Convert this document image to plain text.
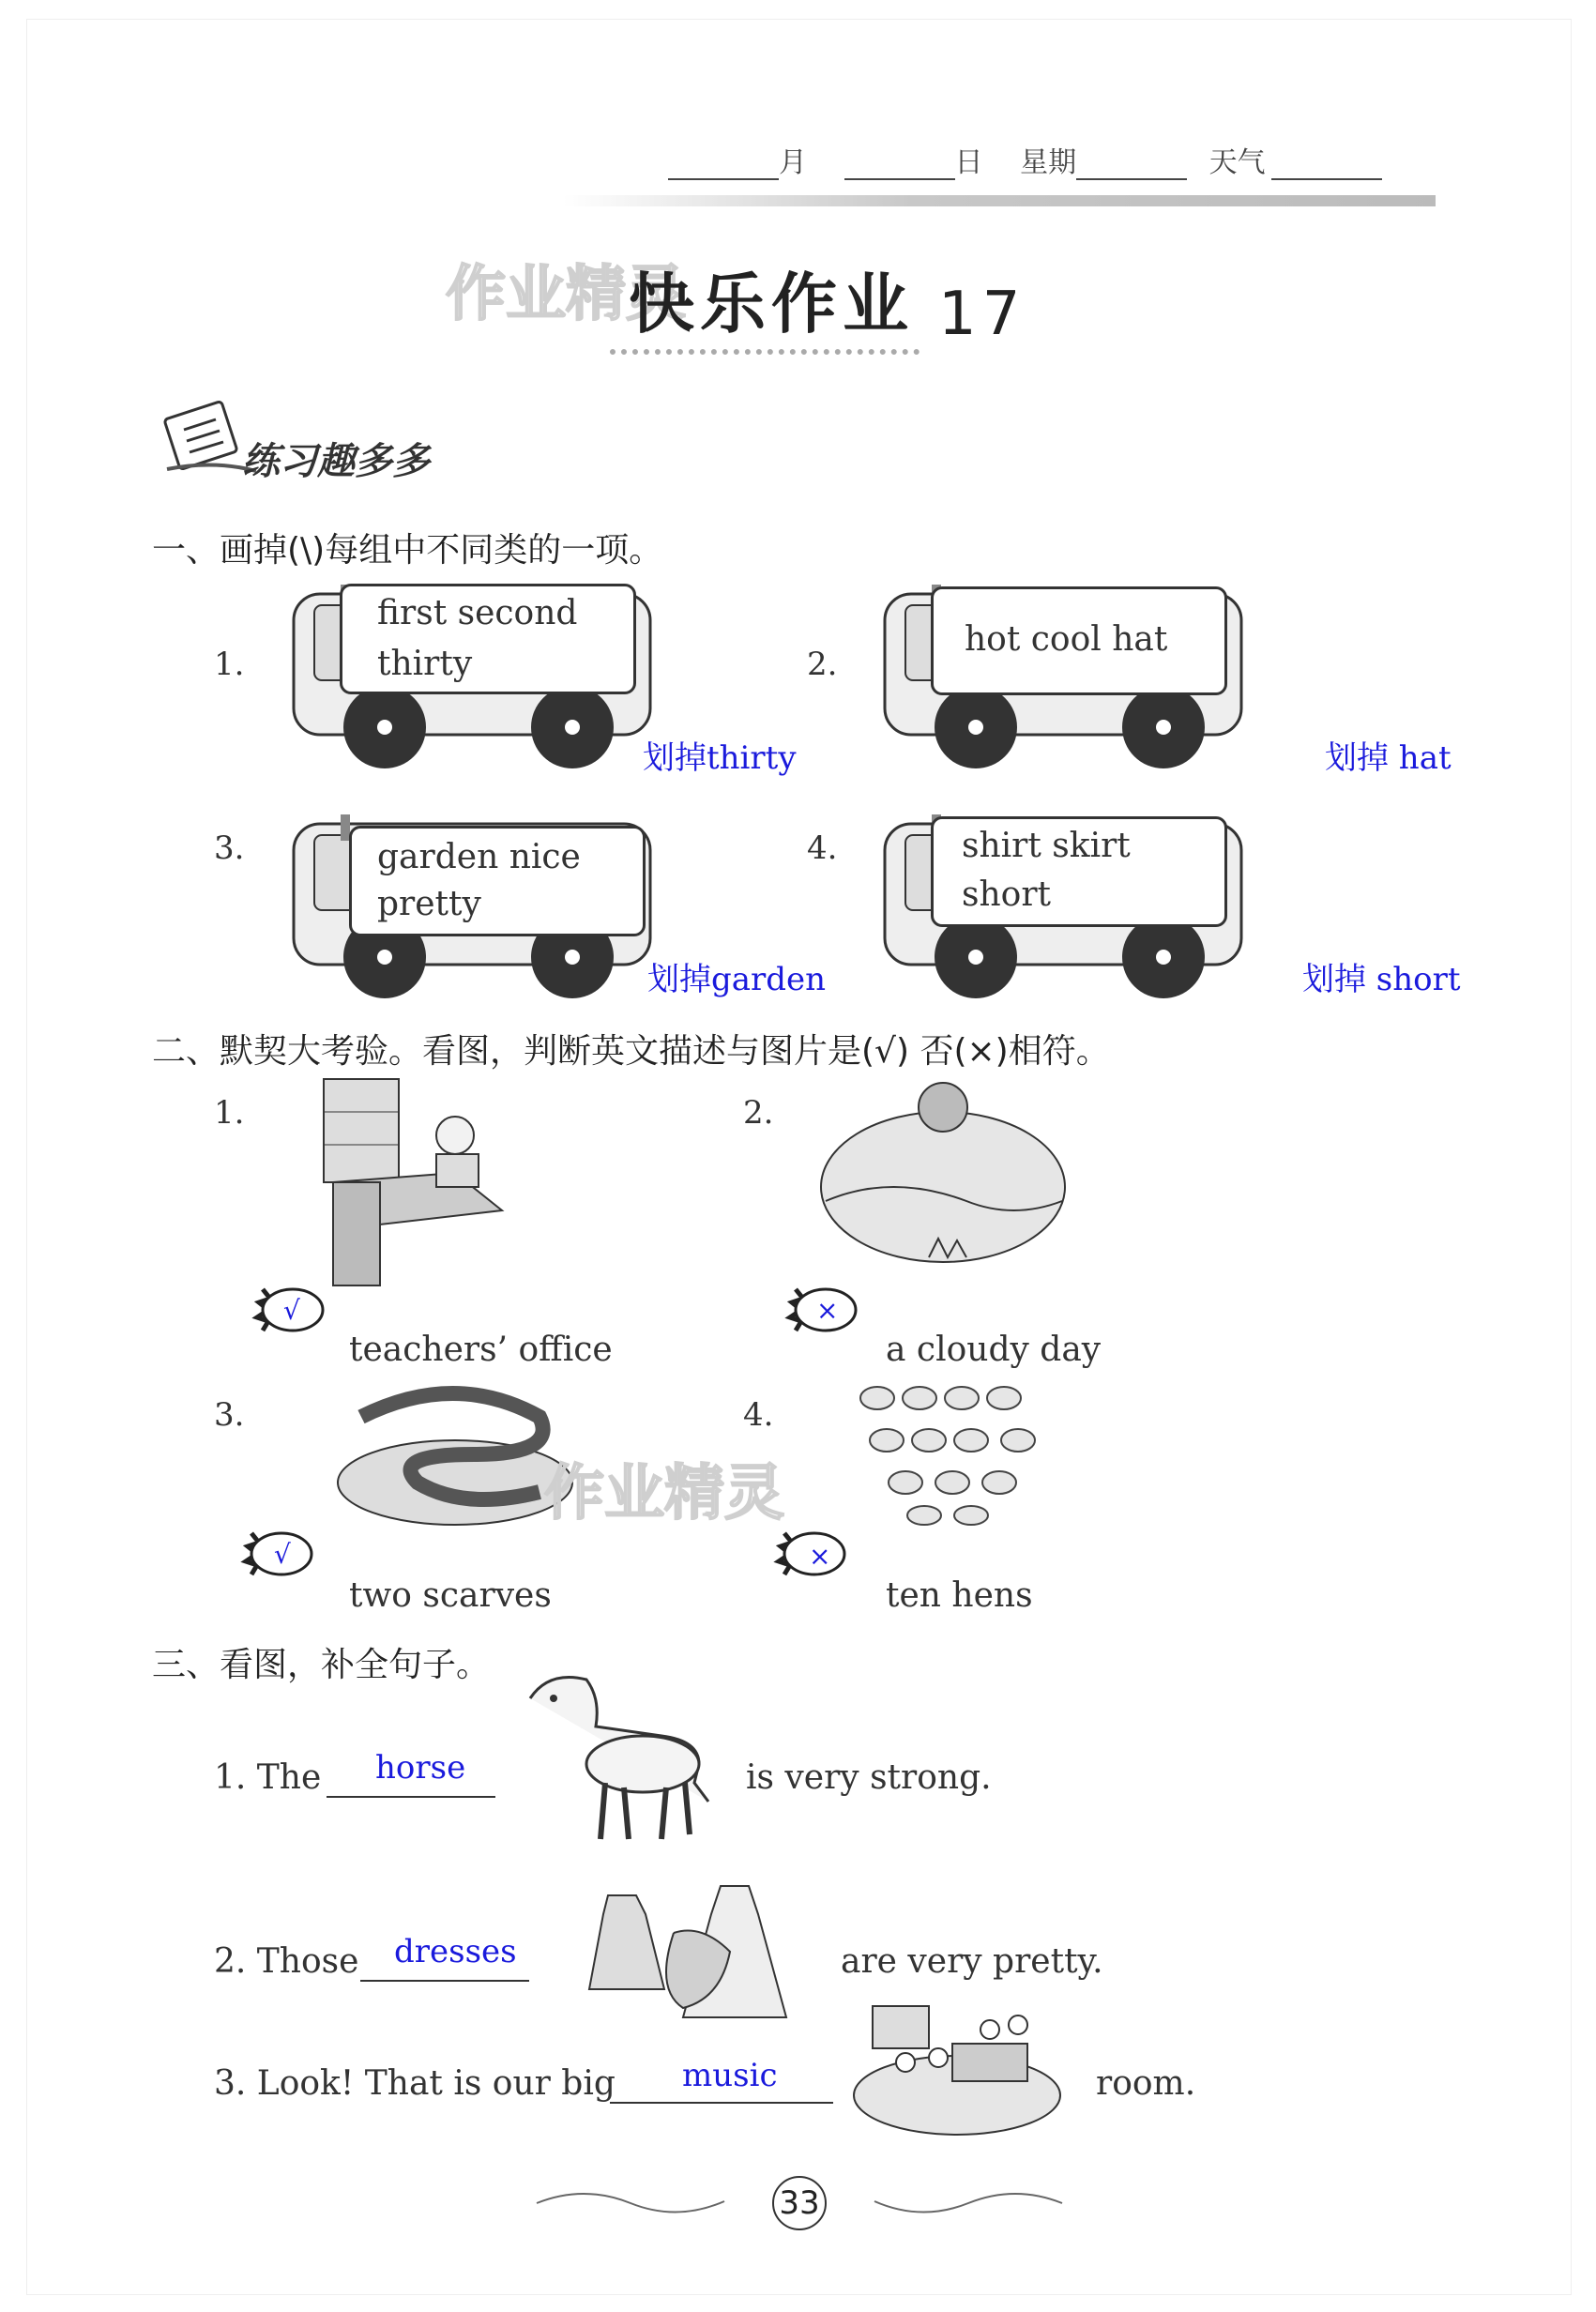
月	日 星期	天气
作业精灵
快乐作业 17
练习趣多多
一、画掉(\)每组中不同类的一项。
1.
first second
thirty
划掉thirty
2.
hot cool hat
划掉 hat
3.	garden nice
pretty
划掉garden
4.	shirt skirt
short
划掉 short
二、默契大考验。看图，判断英文描述与图片是(√) 否(×)相符。
1.
√
teachers’ office
2.
×
a cloudy day
3.
作业精灵
√
two scarves
4.
×
ten hens
三、看图，补全句子。
1. The horse	is very strong.
2. Those dresses	are very pretty.
3. Look! That is our big music	room.
33
